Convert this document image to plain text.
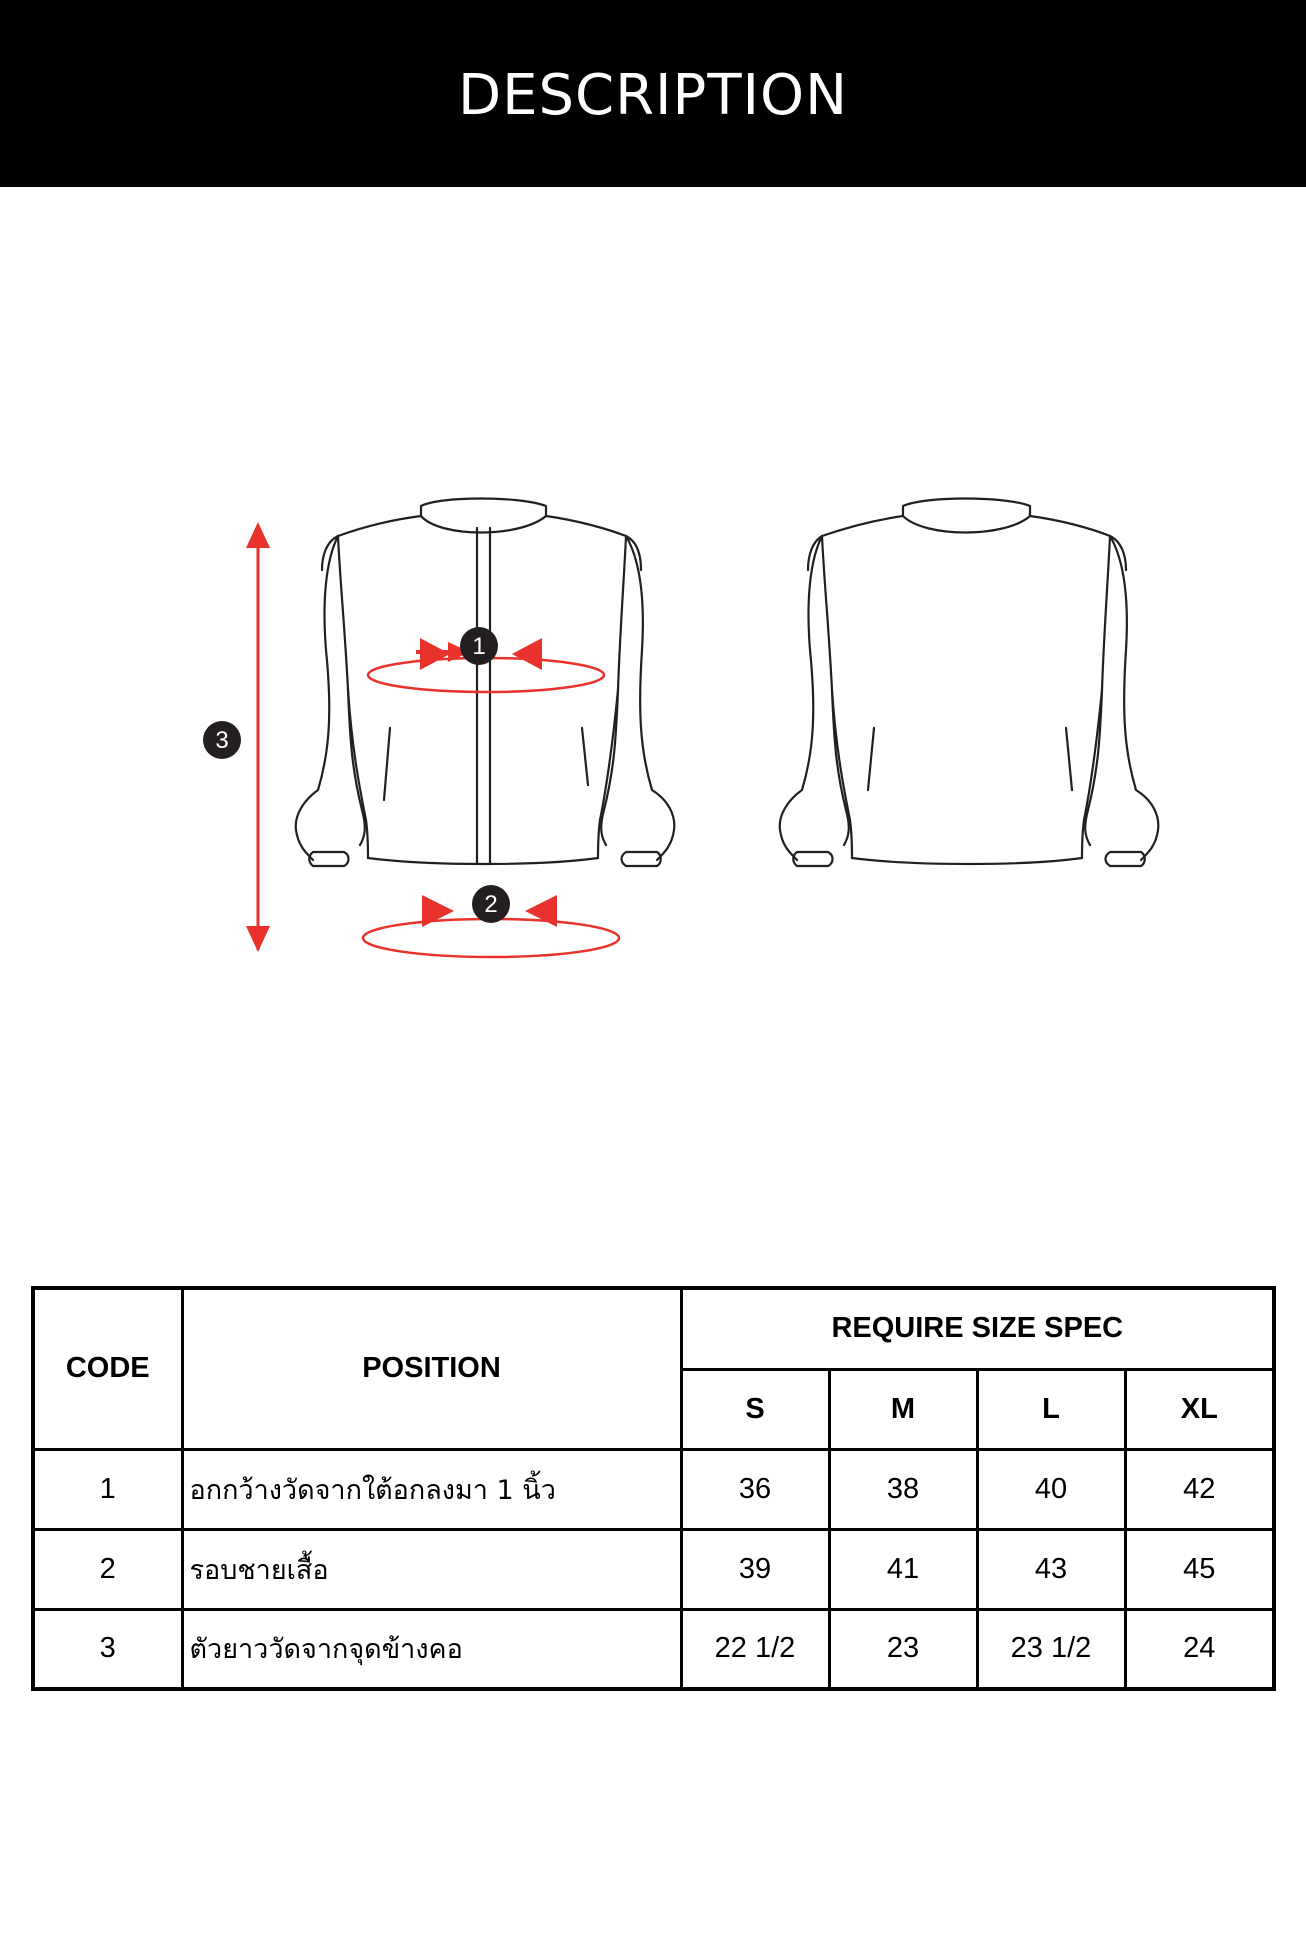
DESCRIPTION
1
2
3
CODE	POSITION	REQUIRE SIZE SPEC			
		S	M	L	XL
1	อกกว้างวัดจากใต้อกลงมา 1 นิ้ว	36	38	40	42
2	รอบชายเสื้อ	39	41	43	45
3	ตัวยาววัดจากจุดข้างคอ	22 1/2	23	23 1/2	24
